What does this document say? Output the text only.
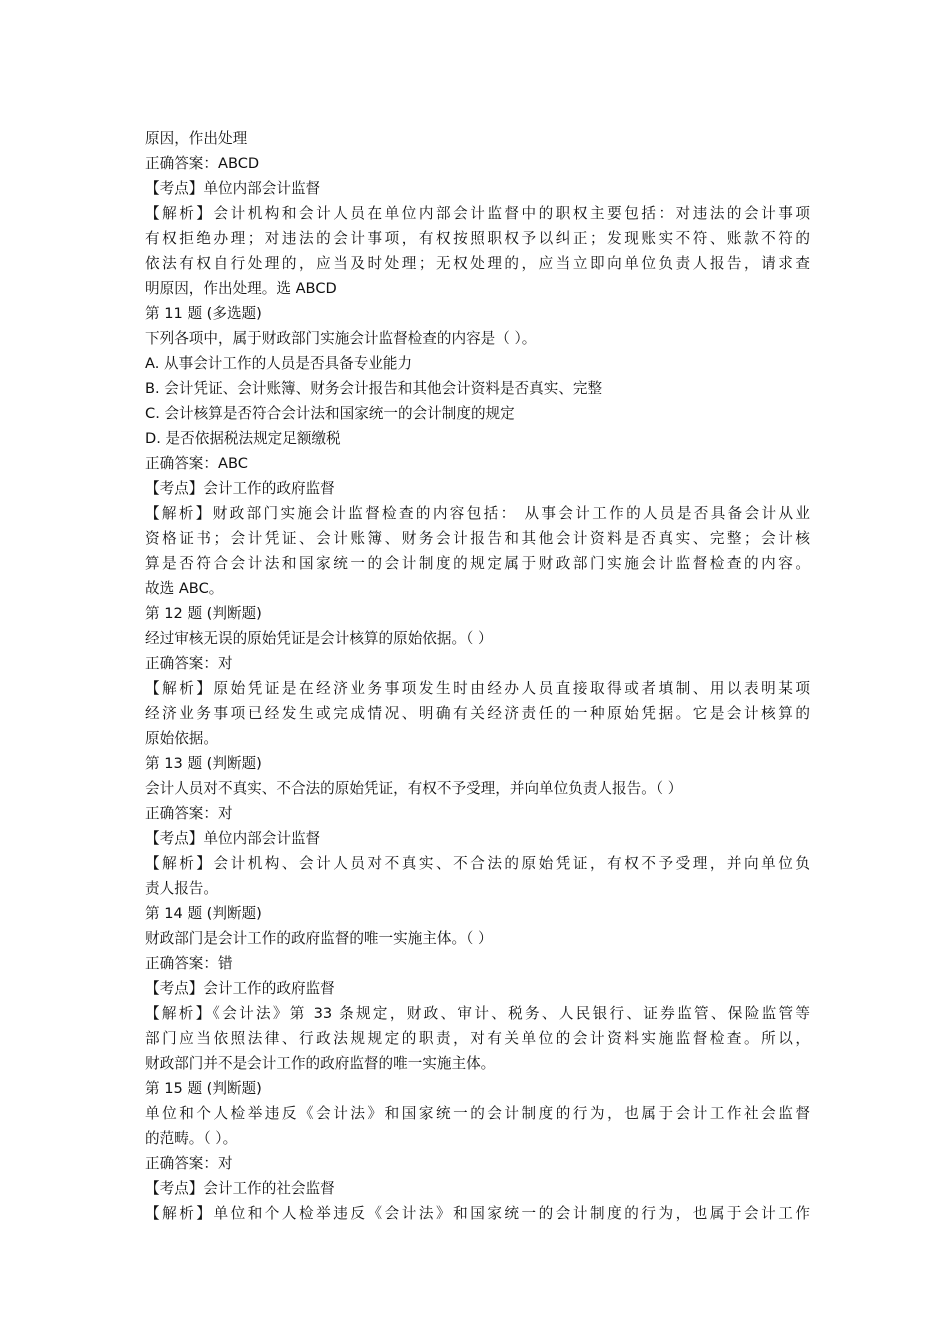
原因，作出处理
正确答案：ABCD
【考点】单位内部会计监督
【解析】会计机构和会计人员在单位内部会计监督中的职权主要包括：对违法的会计事项
有权拒绝办理；对违法的会计事项，有权按照职权予以纠正；发现账实不符、账款不符的
依法有权自行处理的，应当及时处理；无权处理的，应当立即向单位负责人报告，请求查
明原因，作出处理。选 ABCD
第 11 题 (多选题)
下列各项中，属于财政部门实施会计监督检查的内容是（ ）。
A. 从事会计工作的人员是否具备专业能力
B. 会计凭证、会计账簿、财务会计报告和其他会计资料是否真实、完整
C. 会计核算是否符合会计法和国家统一的会计制度的规定
D. 是否依据税法规定足额缴税
正确答案：ABC
【考点】会计工作的政府监督
【解析】财政部门实施会计监督检查的内容包括： 从事会计工作的人员是否具备会计从业
资格证书；会计凭证、会计账簿、财务会计报告和其他会计资料是否真实、完整；会计核
算是否符合会计法和国家统一的会计制度的规定属于财政部门实施会计监督检查的内容。
故选 ABC。
第 12 题 (判断题)
经过审核无误的原始凭证是会计核算的原始依据。（ ）
正确答案：对
【解析】原始凭证是在经济业务事项发生时由经办人员直接取得或者填制、用以表明某项
经济业务事项已经发生或完成情况、明确有关经济责任的一种原始凭据。它是会计核算的
原始依据。
第 13 题 (判断题)
会计人员对不真实、不合法的原始凭证，有权不予受理，并向单位负责人报告。（ ）
正确答案：对
【考点】单位内部会计监督
【解析】会计机构、会计人员对不真实、不合法的原始凭证，有权不予受理，并向单位负
责人报告。
第 14 题 (判断题)
财政部门是会计工作的政府监督的唯一实施主体。（ ）
正确答案：错
【考点】会计工作的政府监督
【解析】《会计法》第 33 条规定，财政、审计、税务、人民银行、证券监管、保险监管等
部门应当依照法律、行政法规规定的职责，对有关单位的会计资料实施监督检查。所以，
财政部门并不是会计工作的政府监督的唯一实施主体。
第 15 题 (判断题)
单位和个人检举违反《会计法》和国家统一的会计制度的行为，也属于会计工作社会监督
的范畴。（ ）。
正确答案：对
【考点】会计工作的社会监督
【解析】单位和个人检举违反《会计法》和国家统一的会计制度的行为，也属于会计工作
